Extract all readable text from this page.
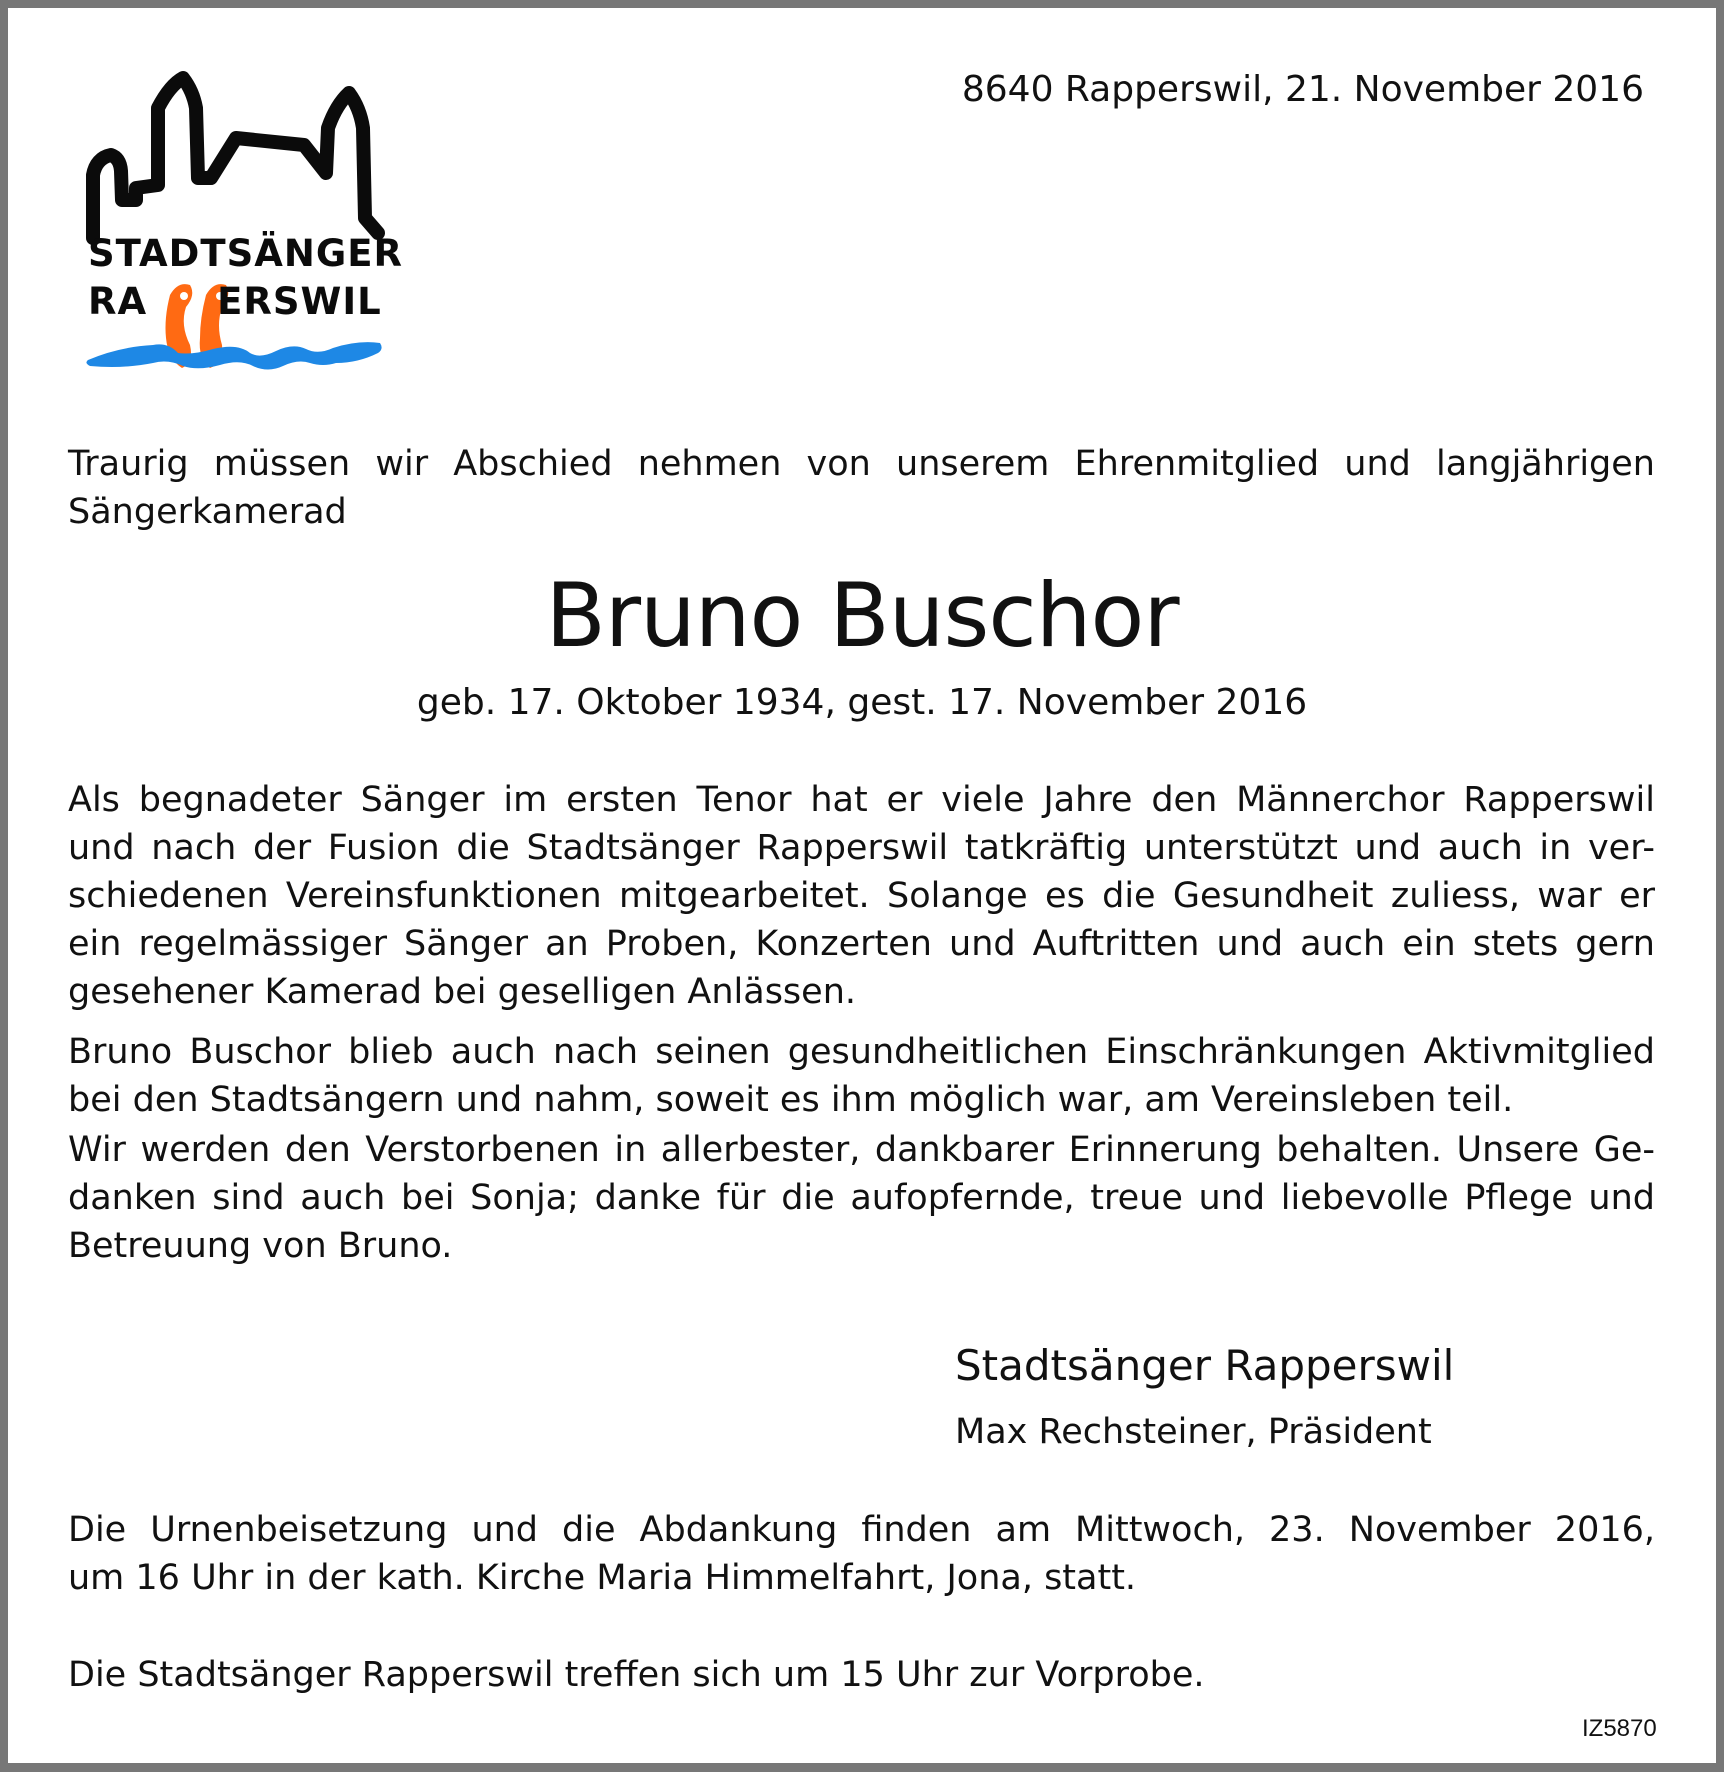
STADTSÄNGER
RA ERSWIL
8640 Rapperswil, 21. November 2016
Traurig müssen wir Abschied nehmen von unserem Ehrenmitglied und langjährigen
Sängerkamerad
Bruno Buschor
geb. 17. Oktober 1934, gest. 17. November 2016
Als begnadeter Sänger im ersten Tenor hat er viele Jahre den Männerchor Rapperswil
und nach der Fusion die Stadtsänger Rapperswil tatkräftig unterstützt und auch in ver-
schiedenen Vereinsfunktionen mitgearbeitet. Solange es die Gesundheit zuliess, war er
ein regelmässiger Sänger an Proben, Konzerten und Auftritten und auch ein stets gern
gesehener Kamerad bei geselligen Anlässen.
Bruno Buschor blieb auch nach seinen gesundheitlichen Einschränkungen Aktivmitglied
bei den Stadtsängern und nahm, soweit es ihm möglich war, am Vereinsleben teil.
Wir werden den Verstorbenen in allerbester, dankbarer Erinnerung behalten. Unsere Ge-
danken sind auch bei Sonja; danke für die aufopfernde, treue und liebevolle Pflege und
Betreuung von Bruno.
Stadtsänger Rapperswil
Max Rechsteiner, Präsident
Die Urnenbeisetzung und die Abdankung finden am Mittwoch, 23. November 2016,
um 16 Uhr in der kath. Kirche Maria Himmelfahrt, Jona, statt.
Die Stadtsänger Rapperswil treffen sich um 15 Uhr zur Vorprobe.
IZ5870
